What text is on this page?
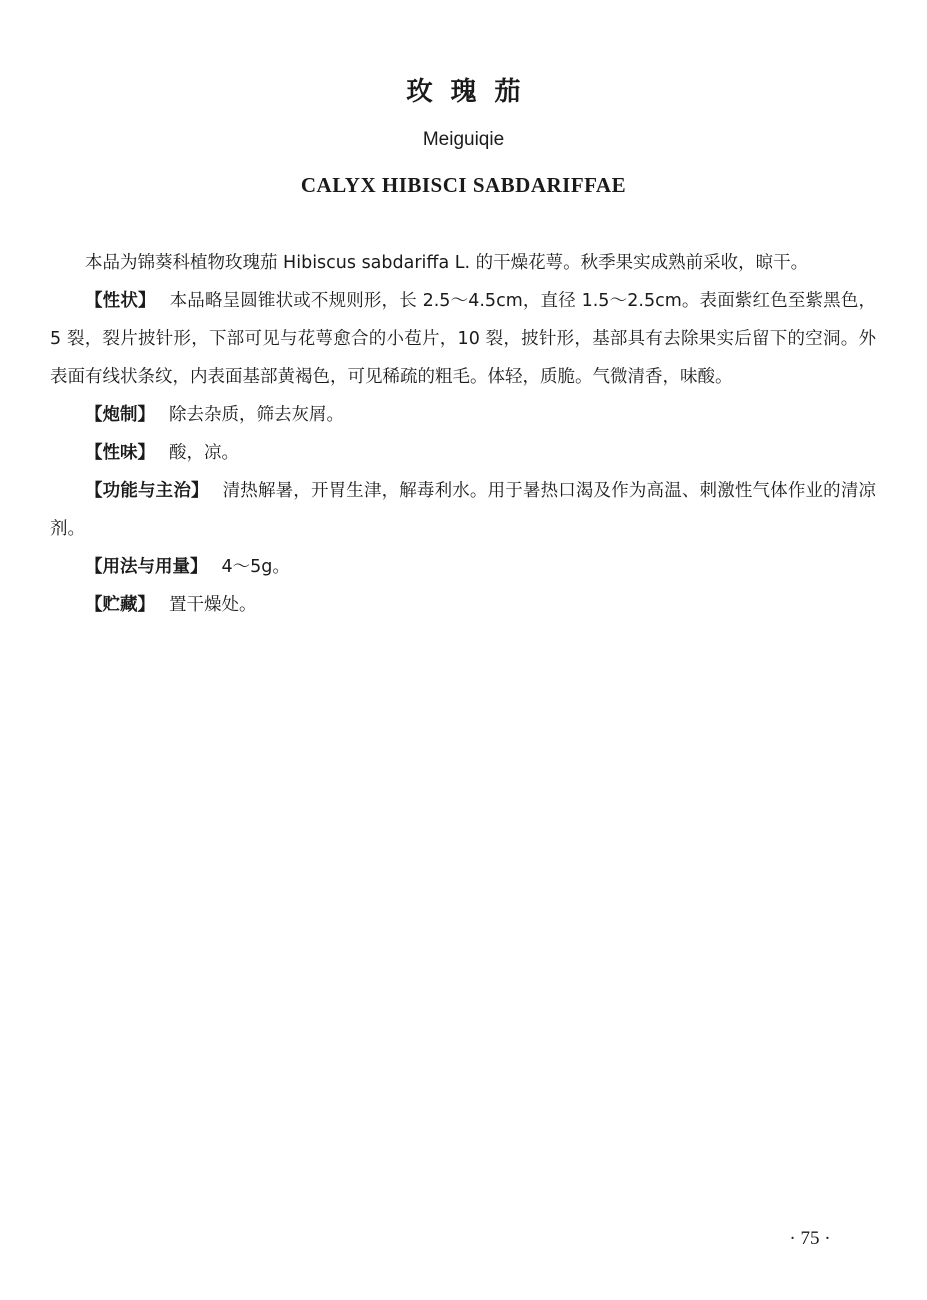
玫瑰茄
Meiguiqie
CALYX HIBISCI SABDARIFFAE

本品为锦葵科植物玫瑰茄 Hibiscus sabdariffa L. 的干燥花萼。秋季果实成熟前采收，晾干。

【性状】 本品略呈圆锥状或不规则形，长 2.5～4.5cm，直径 1.5～2.5cm。表面紫红色至紫黑色，5 裂，裂片披针形，下部可见与花萼愈合的小苞片，10 裂，披针形，基部具有去除果实后留下的空洞。外表面有线状条纹，内表面基部黄褐色，可见稀疏的粗毛。体轻，质脆。气微清香，味酸。

【炮制】 除去杂质，筛去灰屑。

【性味】 酸，凉。

【功能与主治】 清热解暑，开胃生津，解毒利水。用于暑热口渴及作为高温、刺激性气体作业的清凉剂。

【用法与用量】 4～5g。

【贮藏】 置干燥处。

· 75 ·
